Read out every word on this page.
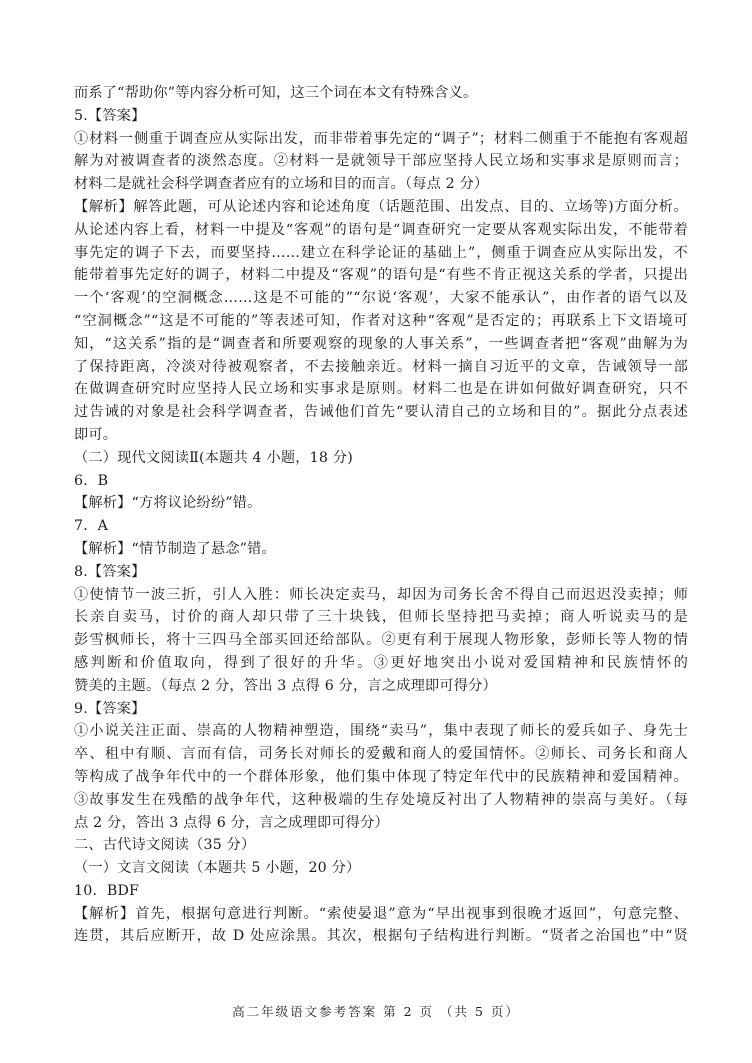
而系了“帮助你”等内容分析可知，这三个词在本文有特殊含义。
5.【答案】
①材料一侧重于调查应从实际出发，而非带着事先定的“调子”；材料二侧重于不能抱有客观超
解为对被调查者的淡然态度。②材料一是就领导干部应坚持人民立场和实事求是原则而言；
材料二是就社会科学调查者应有的立场和目的而言。（每点 2 分）
【解析】解答此题，可从论述内容和论述角度（话题范围、出发点、目的、立场等)方面分析。
从论述内容上看，材料一中提及“客观”的语句是“调查研究一定要从客观实际出发，不能带着
事先定的调子下去，而要坚持……建立在科学论证的基础上”，侧重于调查应从实际出发，不
能带着事先定好的调子，材料二中提及“客观”的语句是“有些不肯正视这关系的学者，只提出
一个‘客观’的空洞概念……这是不可能的”“尔说‘客观’，大家不能承认”，由作者的语气以及
“空洞概念”“这是不可能的”等表述可知，作者对这种“客观”是否定的；再联系上下文语境可
知，“这关系”指的是“调查者和所要观察的现象的人事关系”，一些调查者把“客观”曲解为为
了保持距离，冷淡对待被观察者，不去接触亲近。材料一摘自习近平的文章，告诫领导一部
在做调查研究时应坚持人民立场和实事求是原则。材料二也是在讲如何做好调查研究，只不
过告诫的对象是社会科学调查者，告诫他们首先“要认清自己的立场和目的”。据此分点表述
即可。
（二）现代文阅读Ⅱ(本题共 4 小题，18 分)
6．B
【解析】“方将议论纷纷”错。
7．A
【解析】“情节制造了悬念”错。
8.【答案】
①使情节一波三折，引人入胜：师长决定卖马，却因为司务长舍不得自己而迟迟没卖掉；师
长亲自卖马，讨价的商人却只带了三十块钱，但师长坚持把马卖掉；商人听说卖马的是
彭雪枫师长，将十三四马全部买回还给部队。②更有利于展现人物形象，彭师长等人物的情
感判断和价值取向，得到了很好的升华。③更好地突出小说对爱国精神和民族情怀的
赞美的主题。（每点 2 分，答出 3 点得 6 分，言之成理即可得分）
9.【答案】
①小说关注正面、崇高的人物精神塑造，围绕“卖马”，集中表现了师长的爱兵如子、身先士
卒、租中有顺、言而有信，司务长对师长的爱戴和商人的爱国情怀。②师长、司务长和商人
等构成了战争年代中的一个群体形象，他们集中体现了特定年代中的民族精神和爱国精神。
③故事发生在残酷的战争年代，这种极端的生存处境反衬出了人物精神的崇高与美好。（每
点 2 分，答出 3 点得 6 分，言之成理即可得分）
二、古代诗文阅读（35 分）
（一）文言文阅读（本题共 5 小题，20 分）
10．BDF
【解析】首先，根据句意进行判断。“索使晏退”意为“早出视事到很晚才返回”，句意完整、
连贯，其后应断开，故 D 处应涂黑。其次，根据句子结构进行判断。“贤者之治国也”中“贤
高二年级语文参考答案 第 2 页 （共 5 页）
